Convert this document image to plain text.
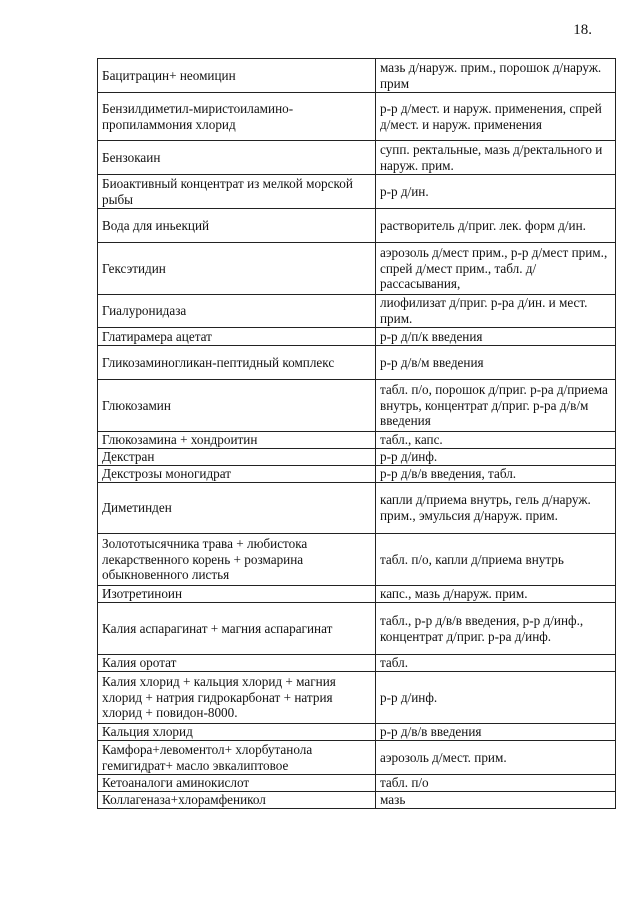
18.
Бацитрацин+ неомицин	мазь д/наруж. прим., порошок д/наруж. прим
Бензилдиметил-миристоиламино-пропиламмония хлорид	р-р д/мест. и наруж. применения, спрей д/мест. и наруж. применения
Бензокаин	супп. ректальные, мазь д/ректального и наруж. прим.
Биоактивный концентрат из мелкой морской рыбы	р-р д/ин.
Вода для иньекций	растворитель д/приг. лек. форм д/ин.
Гексэтидин	аэрозоль д/мест прим., р-р д/мест прим., спрей д/мест прим., табл. д/рассасывания,
Гиалуронидаза	лиофилизат д/приг. р-ра д/ин. и мест. прим.
Глатирамера ацетат	р-р д/п/к введения
Гликозаминогликан-пептидный комплекс	р-р д/в/м введения
Глюкозамин	табл. п/о, порошок д/приг. р-ра д/приема внутрь, концентрат д/приг. р-ра д/в/м введения
Глюкозамина + хондроитин	табл., капс.
Декстран	р-р д/инф.
Декстрозы моногидрат	р-р д/в/в введения, табл.
Диметинден	капли д/приема внутрь, гель д/наруж. прим., эмульсия д/наруж. прим.
Золототысячника трава + любистока лекарственного корень + розмарина обыкновенного листья	табл. п/о, капли д/приема внутрь
Изотретиноин	капс., мазь д/наруж. прим.
Калия аспарагинат + магния аспарагинат	табл., р-р д/в/в введения, р-р д/инф., концентрат д/приг. р-ра д/инф.
Калия оротат	табл.
Калия хлорид + кальция хлорид + магния хлорид + натрия гидрокарбонат + натрия хлорид + повидон-8000.	р-р д/инф.
Кальция хлорид	р-р д/в/в введения
Камфора+левоментол+ хлорбутанола гемигидрат+ масло эвкалиптовое	аэрозоль д/мест. прим.
Кетоаналоги аминокислот	табл. п/о
Коллагеназа+хлорамфеникол	мазь
